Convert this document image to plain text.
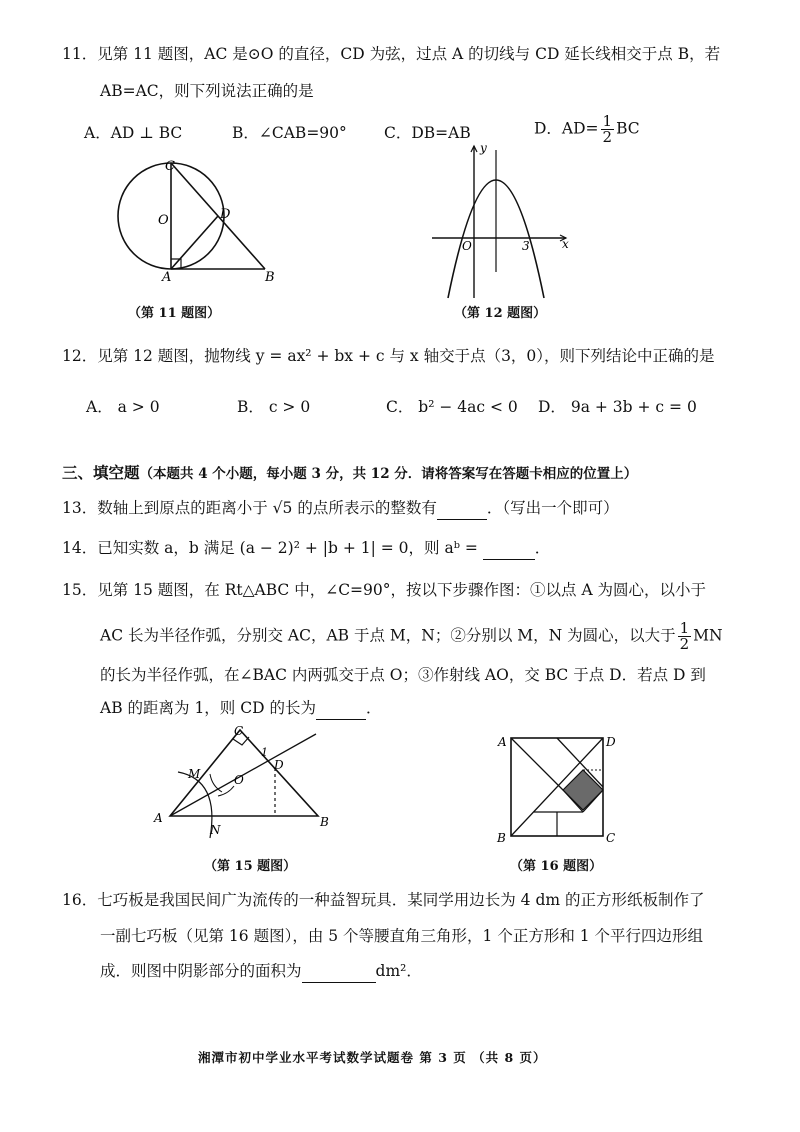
11．见第 11 题图，AC 是⊙O 的直径，CD 为弦，过点 A 的切线与 CD 延长线相交于点 B，若
AB=AC，则下列说法正确的是
A．AD ⊥ BC	B．∠CAB=90° C．DB=AB	D．$AD= \frac{1}{2}$ BC
C
O	D
A	B
（第 11 题图）
y
O	3	x
（第 12 题图）
12．见第 12 题图，抛物线 y = ax² + bx + c 与 x 轴交于点（3，0），则下列结论中正确的是
A． a > 0	B． c > 0	C． b² − 4ac < 0 D． 9a + 3b + c = 0
三、填空题（本题共 4 个小题，每小题 3 分，共 12 分．请将答案写在答题卡相应的位置上）
13．数轴上到原点的距离小于 √5 的点所表示的整数有	．（写出一个即可）
14．已知实数 a，b 满足 (a − 2)² + |b + 1| = 0，则 aᵇ =	．
15．见第 15 题图，在 Rt△ABC 中，∠C=90°，按以下步骤作图：①以点 A 为圆心，以小于
AC 长为半径作弧，分别交 AC，AB 于点 M，N；②分别以 M，N 为圆心，以大于 $\frac{1}{2}$ MN
的长为半径作弧，在∠BAC 内两弧交于点 O；③作射线 AO，交 BC 于点 D．若点 D 到
AB 的距离为 1，则 CD 的长为	．
C
1
M	O
D
A
N
B
（第 15 题图）
A	D
B	C
（第 16 题图）
16．七巧板是我国民间广为流传的一种益智玩具．某同学用边长为 4 dm 的正方形纸板制作了
一副七巧板（见第 16 题图），由 5 个等腰直角三角形，1 个正方形和 1 个平行四边形组
成．则图中阴影部分的面积为	dm²．
湘潭市初中学业水平考试数学试题卷 第 3 页 （共 8 页）
